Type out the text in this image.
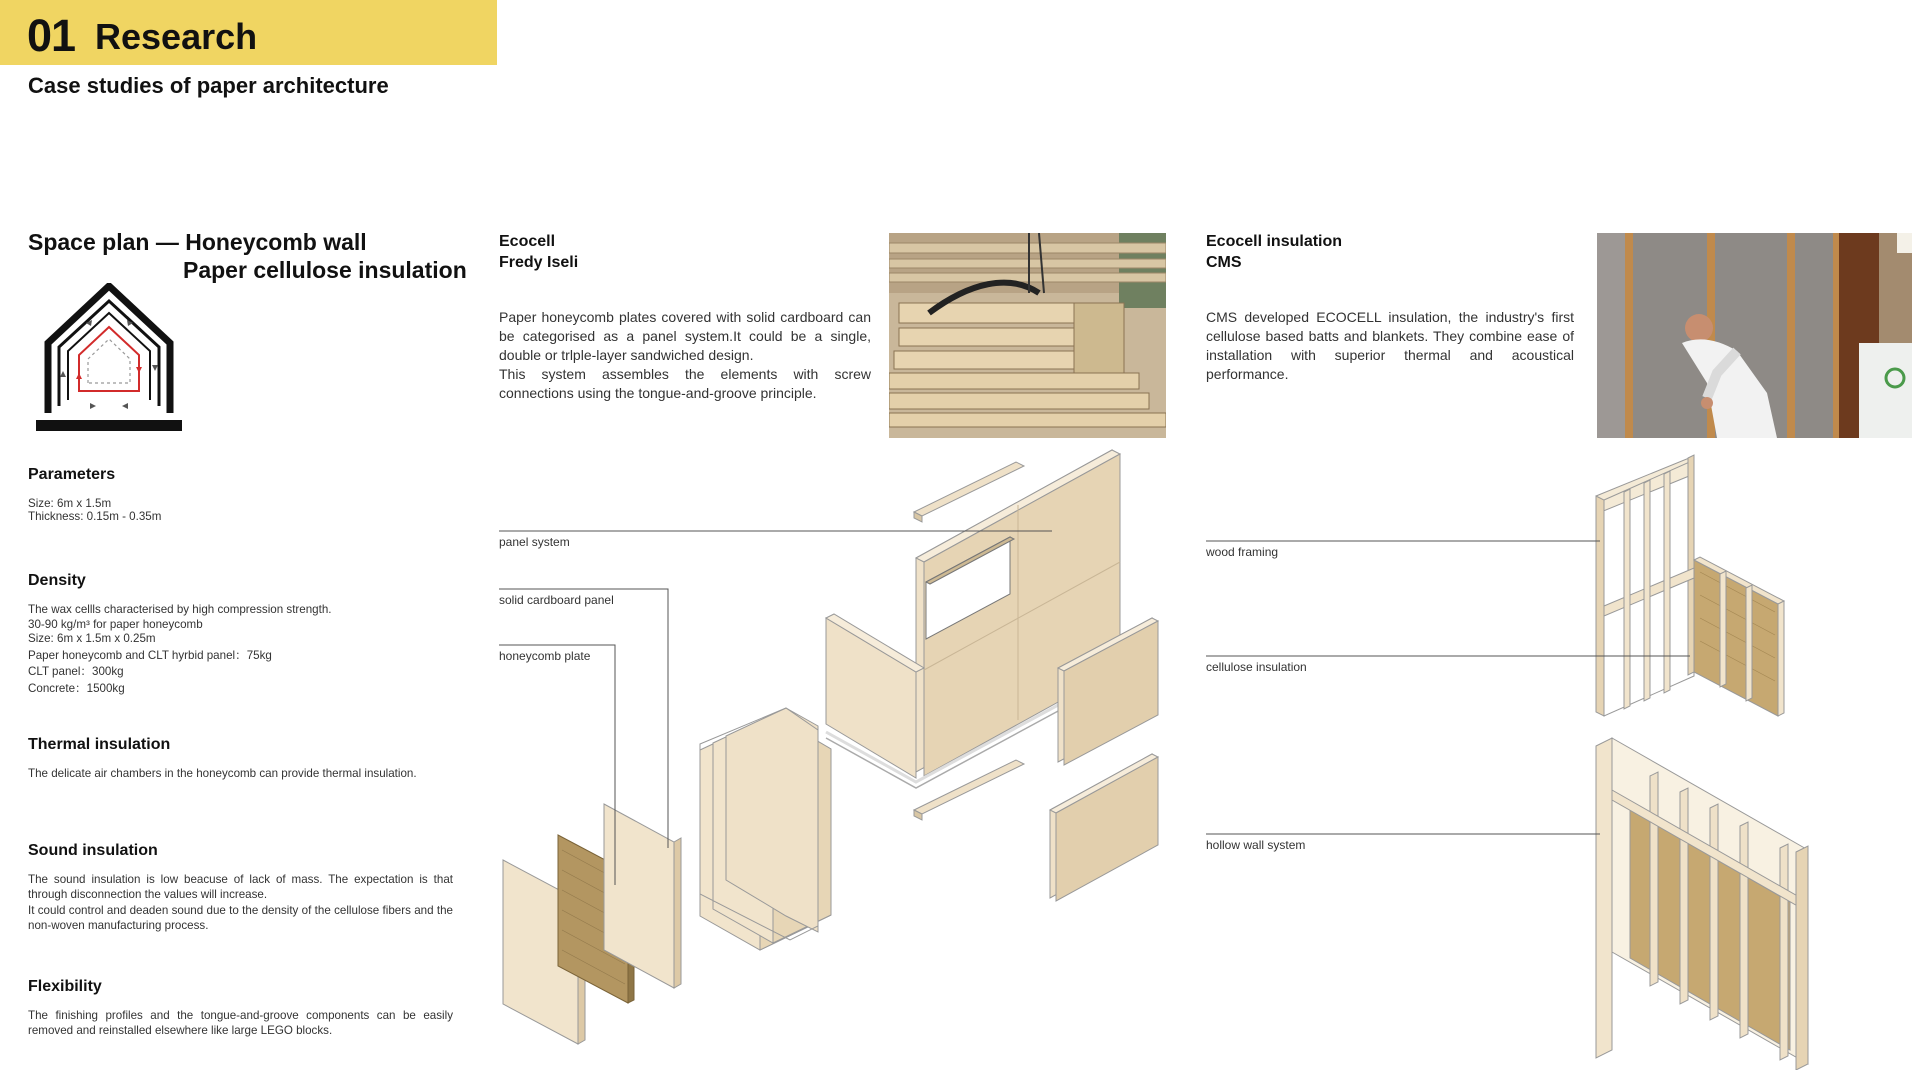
01 Research
Case studies of paper architecture
Space plan — Honeycomb wall
Paper cellulose insulation
Parameters

Size: 6m x 1.5m

Thickness: 0.15m - 0.35m

Density

The wax cellls characterised by high compression strength.

30-90 kg/m³ for paper honeycomb

Size: 6m x 1.5m x 0.25m

Paper honeycomb and CLT hyrbid panel：75kg

CLT panel：300kg

Concrete：1500kg

Thermal insulation

The delicate air chambers in the honeycomb can provide thermal insulation.

Sound insulation

The sound insulation is low beacuse of lack of mass. The expectation is that through disconnection the values will increase.

It could control and deaden sound due to the density of the cellulose fibers and the non-woven manufacturing process.

Flexibility

The finishing profiles and the tongue-and-groove components can be easily removed and reinstalled elsewhere like large LEGO blocks.

Ecocell
Fredy Iseli
Paper honeycomb plates covered with solid cardboard can be categorised as a panel system.It could be a single, double or trlple-layer sandwiched design.
This system assembles the elements with screw connections using the tongue-and-groove principle.
Ecocell insulation
CMS
CMS developed ECOCELL insulation, the industry's first cellulose based batts and blankets. They combine ease of installation with superior thermal and acoustical performance.
panel system
solid cardboard panel
honeycomb plate
wood framing
cellulose insulation
hollow wall system
